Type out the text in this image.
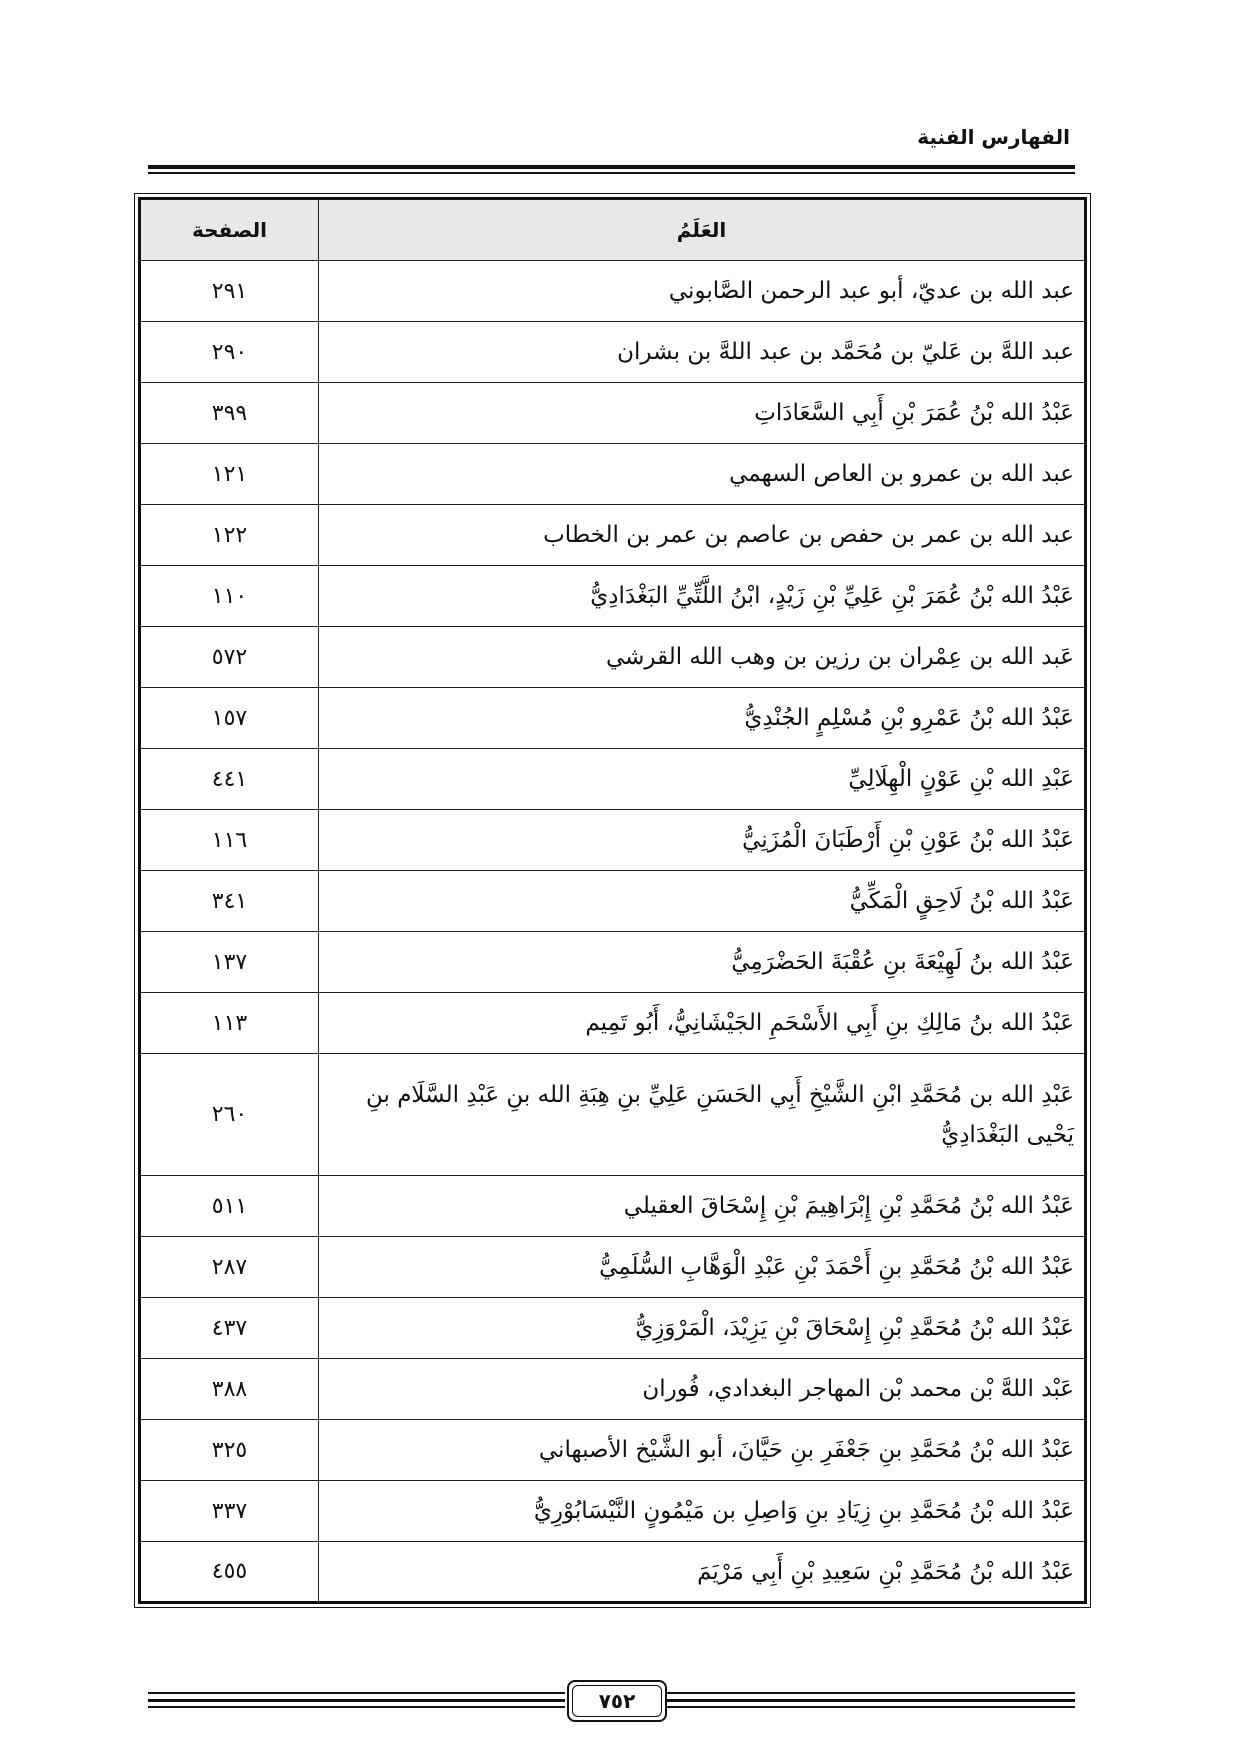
الفهارس الفنية
العَلَمُ	الصفحة
عبد الله بن عديّ، أبو عبد الرحمن الصَّابوني	٢٩١
عبد اللهَّ بن عَليّ بن مُحَمَّد بن عبد اللهَّ بن بشران	٢٩٠
عَبْدُ الله بْنُ عُمَرَ بْنِ أَبِي السَّعَادَاتِ	٣٩٩
عبد الله بن عمرو بن العاص السهمي	١٢١
عبد الله بن عمر بن حفص بن عاصم بن عمر بن الخطاب	١٢٢
عَبْدُ الله بْنُ عُمَرَ بْنِ عَلِيِّ بْنِ زَيْدٍ، ابْنُ اللَّتِّيِّ البَغْدَادِيُّ	١١٠
عَبد الله بن عِمْران بن رزين بن وهب الله القرشي	٥٧٢
عَبْدُ الله بْنُ عَمْرِو بْنِ مُسْلِمٍ الجُنْدِيُّ	١٥٧
عَبْدِ الله بْنِ عَوْنٍ الْهِلَالِيِّ	٤٤١
عَبْدُ الله بْنُ عَوْنِ بْنِ أَرْطَبَانَ الْمُزَنِيُّ	١١٦
عَبْدُ الله بْنُ لَاحِقٍ الْمَكِّيُّ	٣٤١
عَبْدُ الله بنُ لَهِيْعَةَ بنِ عُقْبَةَ الحَضْرَمِيُّ	١٣٧
عَبْدُ الله بنُ مَالِكِ بنِ أَبِي الأَسْحَمِ الجَيْشَانِيُّ، أَبُو تَمِيم	١١٣
عَبْدِ الله بن مُحَمَّدِ ابْنِ الشَّيْخِ أَبِي الحَسَنِ عَلِيِّ بنِ هِبَةِ الله بنِ عَبْدِ السَّلَام بنِ يَحْيى البَغْدَادِيُّ	٢٦٠
عَبْدُ الله بْنُ مُحَمَّدِ بْنِ إِبْرَاهِيمَ بْنِ إِسْحَاقَ العقيلي	٥١١
عَبْدُ الله بْنُ مُحَمَّدِ بنِ أَحْمَدَ بْنِ عَبْدِ الْوَهَّابِ السُّلَمِيُّ	٢٨٧
عَبْدُ الله بْنُ مُحَمَّدِ بْنِ إِسْحَاقَ بْنِ يَزِيْدَ، الْمَرْوَزِيُّ	٤٣٧
عَبْد اللهَّ بْن محمد بْن المهاجر البغدادي، فُوران	٣٨٨
عَبْدُ الله بْنُ مُحَمَّدِ بنِ جَعْفَرِ بنِ حَيَّانَ، أبو الشَّيْخ الأصبهاني	٣٢٥
عَبْدُ الله بْنُ مُحَمَّدِ بنِ زِيَادِ بنِ وَاصِلِ بن مَيْمُونٍ النَّيْسَابُوْرِيُّ	٣٣٧
عَبْدُ الله بْنُ مُحَمَّدِ بْنِ سَعِيدِ بْنِ أَبِي مَرْيَمَ	٤٥٥
٧٥٢
